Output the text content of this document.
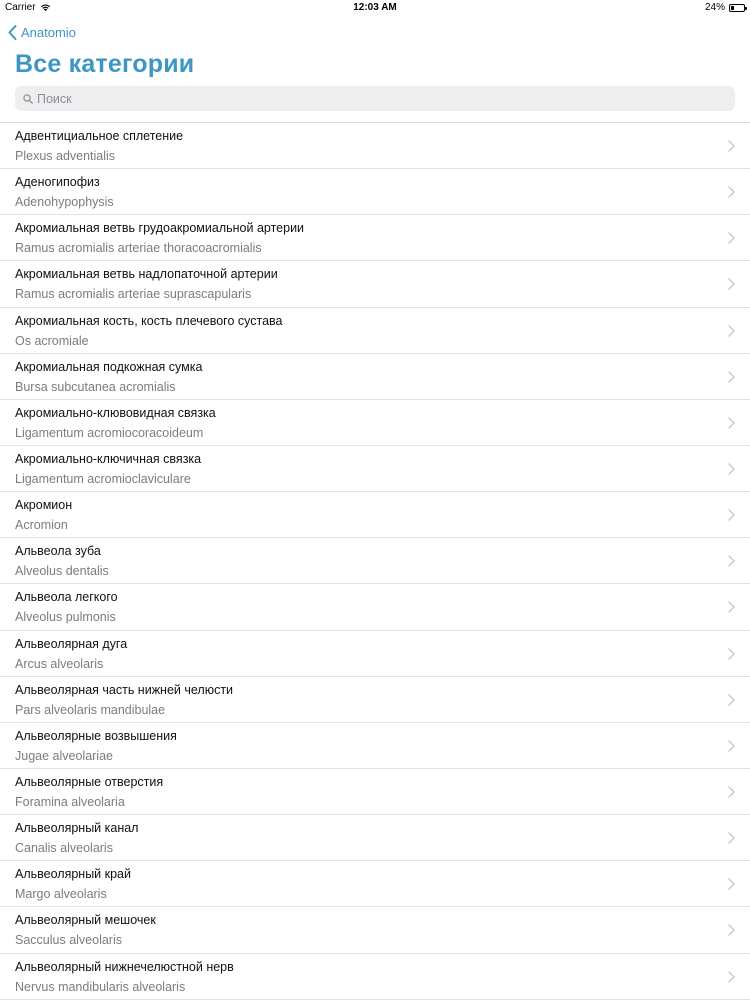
Carrier	12:03 AM	24%
Anatomio
Все категории
Поиск
Адвентициальное сплетение
Plexus adventialis
Аденогипофиз
Adenohypophysis
Акромиальная ветвь грудоакромиальной артерии
Ramus acromialis arteriae thoracoacromialis
Акромиальная ветвь надлопаточной артерии
Ramus acromialis arteriae suprascapularis
Акромиальная кость, кость плечевого сустава
Os acromiale
Акромиальная подкожная сумка
Bursa subcutanea acromialis
Акромиально-клювовидная связка
Ligamentum acromiocoracoideum
Акромиально-ключичная связка
Ligamentum acromioclaviculare
Акромион
Acromion
Альвеола зуба
Alveolus dentalis
Альвеола легкого
Alveolus pulmonis
Альвеолярная дуга
Arcus alveolaris
Альвеолярная часть нижней челюсти
Pars alveolaris mandibulae
Альвеолярные возвышения
Jugae alveolariae
Альвеолярные отверстия
Foramina alveolaria
Альвеолярный канал
Canalis alveolaris
Альвеолярный край
Margo alveolaris
Альвеолярный мешочек
Sacculus alveolaris
Альвеолярный нижнечелюстной нерв
Nervus mandibularis alveolaris
